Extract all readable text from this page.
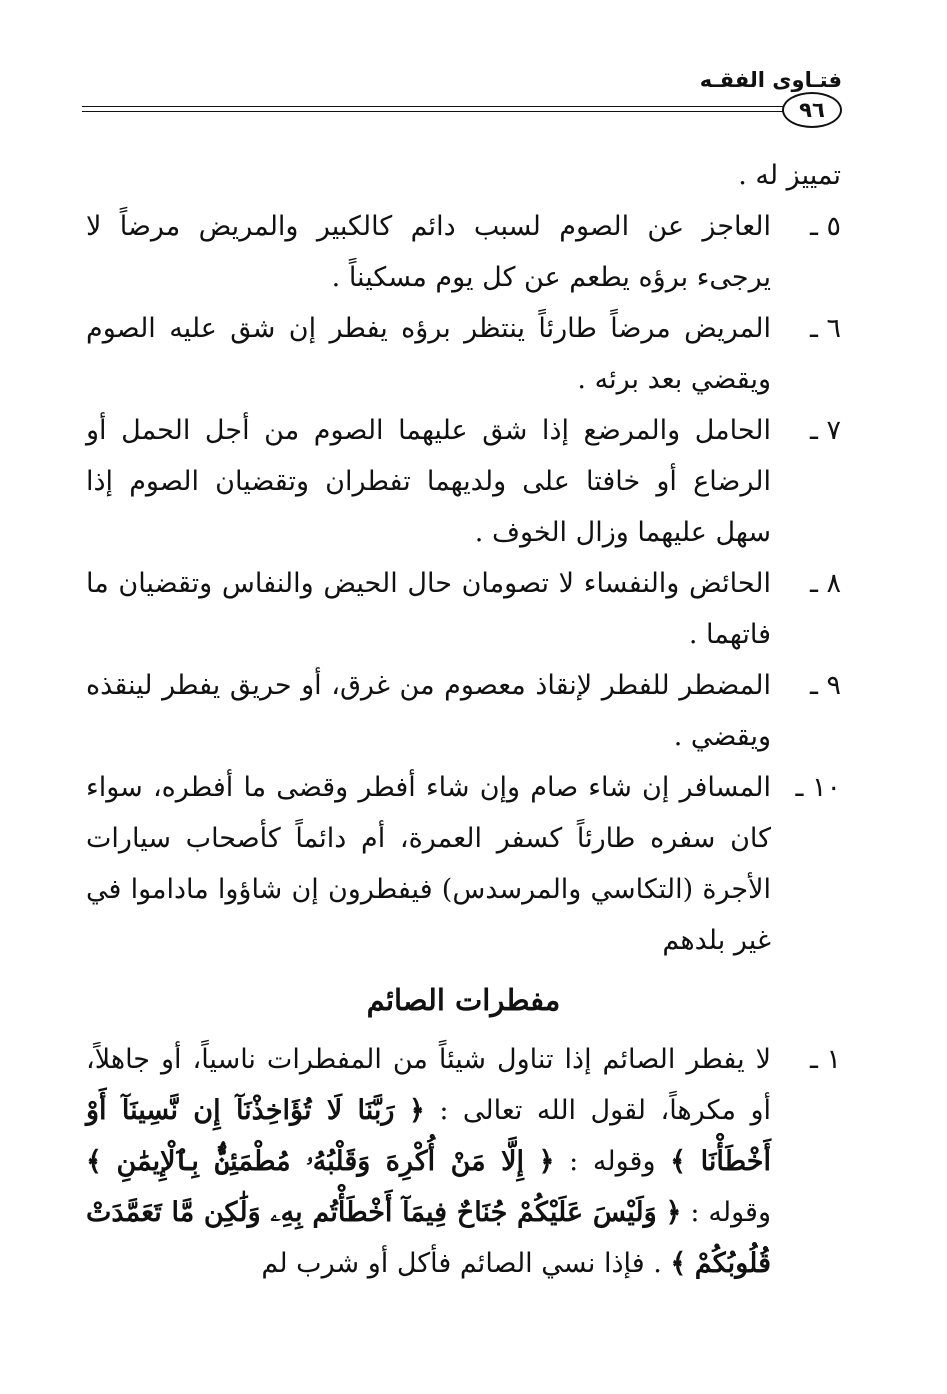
فتـاوى الفقـه
٩٦

تمييز له .

٥ ـ
العاجز عن الصوم لسبب دائم كالكبير والمريض مرضاً لا يرجىء برؤه يطعم عن كل يوم مسكيناً .
٦ ـ
المريض مرضاً طارئاً ينتظر برؤه يفطر إن شق عليه الصوم ويقضي بعد برئه .
٧ ـ
الحامل والمرضع إذا شق عليهما الصوم من أجل الحمل أو الرضاع أو خافتا على ولديهما تفطران وتقضيان الصوم إذا سهل عليهما وزال الخوف .
٨ ـ
الحائض والنفساء لا تصومان حال الحيض والنفاس وتقضيان ما فاتهما .
٩ ـ
المضطر للفطر لإنقاذ معصوم من غرق، أو حريق يفطر لينقذه ويقضي .
١٠ ـ
المسافر إن شاء صام وإن شاء أفطر وقضى ما أفطره، سواء كان سفره طارئاً كسفر العمرة، أم دائماً كأصحاب سيارات الأجرة (التكاسي والمرسدس) فيفطرون إن شاؤوا ماداموا في غير بلدهم
مفطرات الصائم
١ ـ
لا يفطر الصائم إذا تناول شيئاً من المفطرات ناسياً، أو جاهلاً، أو مكرهاً، لقول الله تعالى : ﴿ رَبَّنَا لَا تُؤَاخِذْنَآ إِن نَّسِينَآ أَوْ أَخْطَأْنَا ﴾ وقوله : ﴿ إِلَّا مَنْ أُكْرِهَ وَقَلْبُهُۥ مُطْمَئِنٌّۢ بِٱلْإِيمَٰنِ ﴾ وقوله : ﴿ وَلَيْسَ عَلَيْكُمْ جُنَاحٌ فِيمَآ أَخْطَأْتُم بِهِۦ وَلَٰكِن مَّا تَعَمَّدَتْ قُلُوبُكُمْ ﴾ . فإذا نسي الصائم فأكل أو شرب لم
